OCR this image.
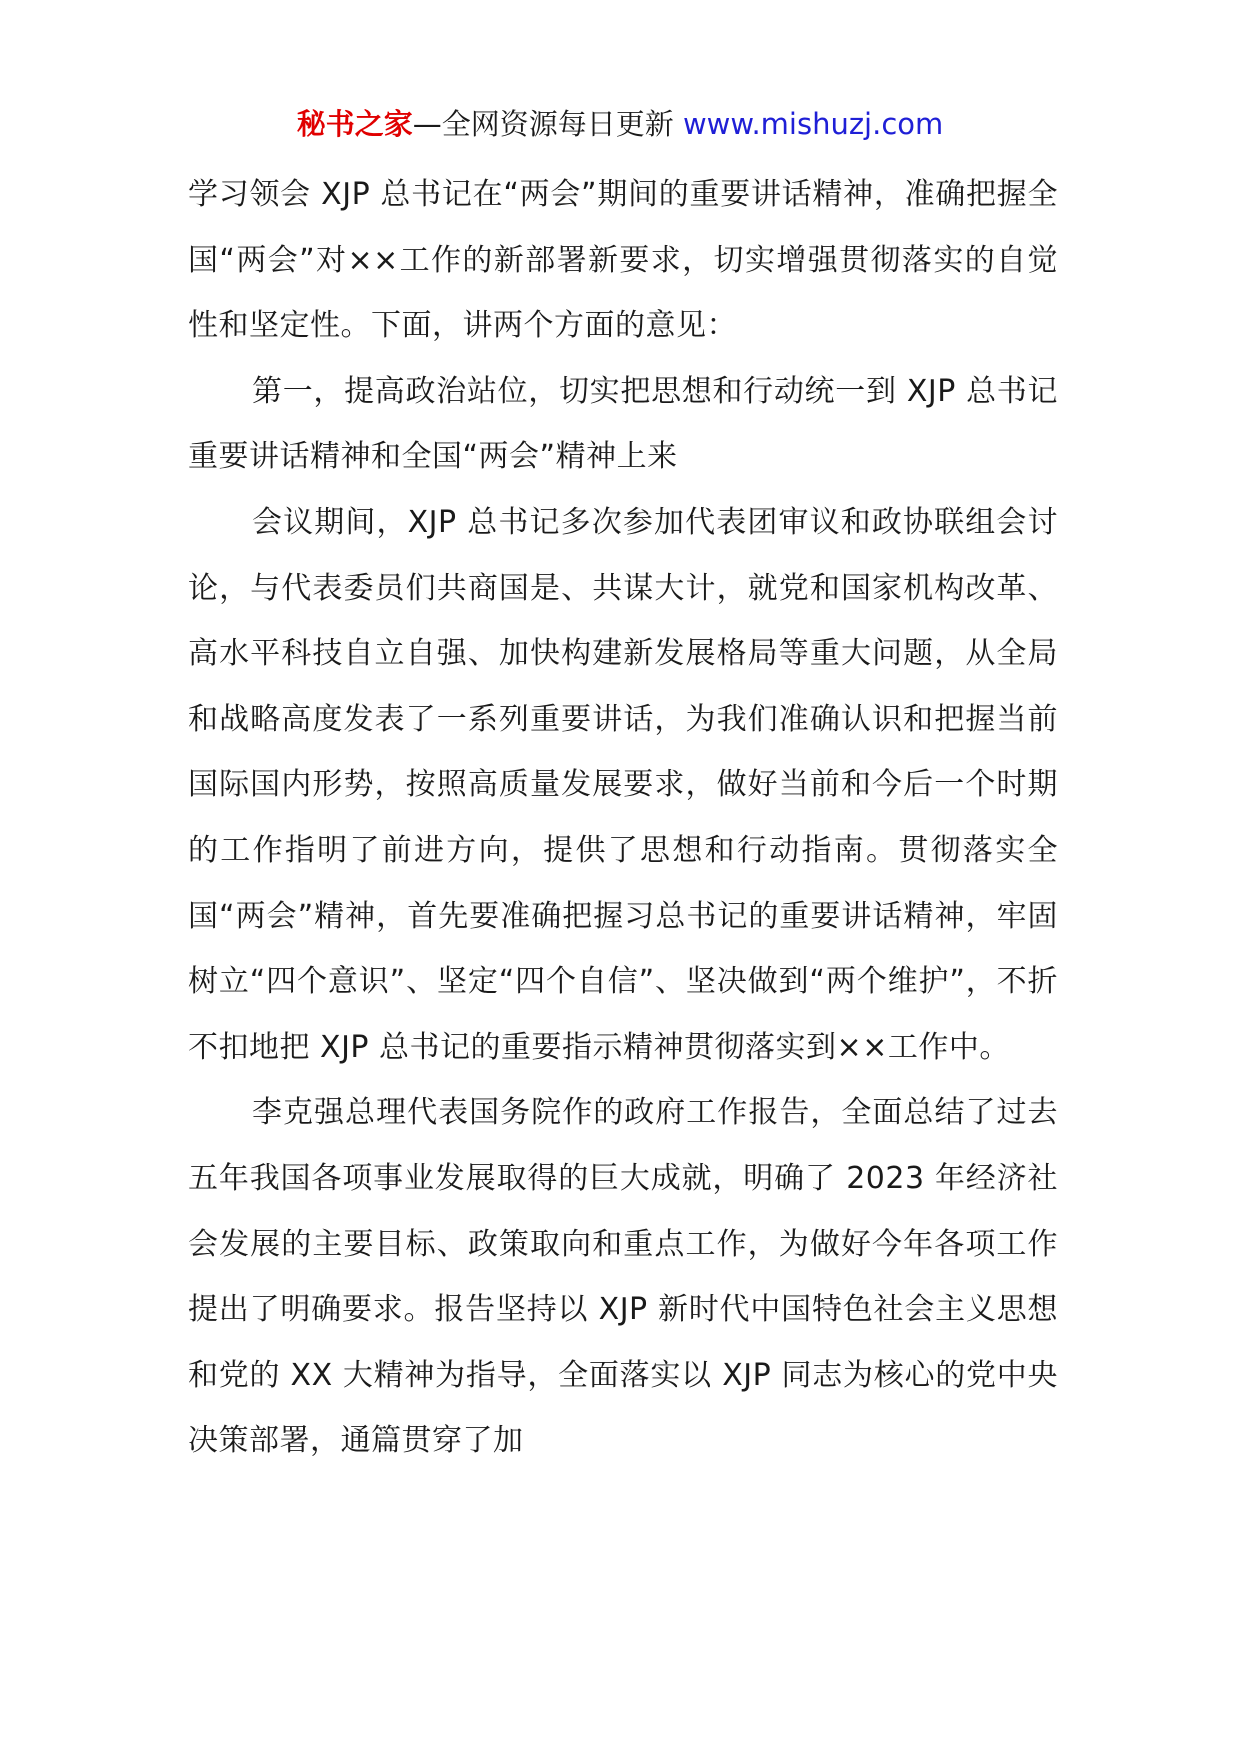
秘书之家—全网资源每日更新 www.mishuzj.com

学习领会 XJP 总书记在“两会”期间的重要讲话精神，准确把握全国“两会”对××工作的新部署新要求，切实增强贯彻落实的自觉性和坚定性。下面，讲两个方面的意见：

第一，提高政治站位，切实把思想和行动统一到 XJP 总书记重要讲话精神和全国“两会”精神上来

会议期间，XJP 总书记多次参加代表团审议和政协联组会讨论，与代表委员们共商国是、共谋大计，就党和国家机构改革、高水平科技自立自强、加快构建新发展格局等重大问题，从全局和战略高度发表了一系列重要讲话，为我们准确认识和把握当前国际国内形势，按照高质量发展要求，做好当前和今后一个时期的工作指明了前进方向，提供了思想和行动指南。贯彻落实全国“两会”精神，首先要准确把握习总书记的重要讲话精神，牢固树立“四个意识”、坚定“四个自信”、坚决做到“两个维护”，不折不扣地把 XJP 总书记的重要指示精神贯彻落实到××工作中。

李克强总理代表国务院作的政府工作报告，全面总结了过去五年我国各项事业发展取得的巨大成就，明确了 2023 年经济社会发展的主要目标、政策取向和重点工作，为做好今年各项工作提出了明确要求。报告坚持以 XJP 新时代中国特色社会主义思想和党的 XX 大精神为指导，全面落实以 XJP 同志为核心的党中央决策部署，通篇贯穿了加
